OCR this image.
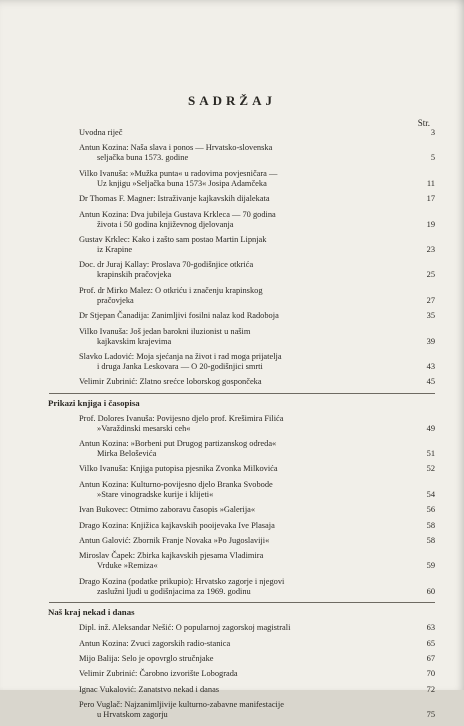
SADRŽAJ
Str.
Uvodna riječ	3
Antun Kozina: Naša slava i ponos — Hrvatsko-slovenska
seljačka buna 1573. godine	5
Vilko Ivanuša: »Mužka punta« u radovima povjesničara —
Uz knjigu »Seljačka buna 1573« Josipa Adamčeka	11
Dr Thomas F. Magner: Istraživanje kajkavskih dijalekata	17
Antun Kozina: Dva jubileja Gustava Krkleca — 70 godina
života i 50 godina književnog djelovanja	19
Gustav Krklec: Kako i zašto sam postao Martin Lipnjak
iz Krapine	23
Doc. dr Juraj Kallay: Proslava 70-godišnjice otkrića
krapinskih pračovjeka	25
Prof. dr Mirko Malez: O otkriću i značenju krapinskog
pračovjeka	27
Dr Stjepan Čanadija: Zanimljivi fosilni nalaz kod Radoboja	35
Vilko Ivanuša: Još jedan barokni iluzionist u našim
kajkavskim krajevima	39
Slavko Ladović: Moja sjećanja na život i rad moga prijatelja
i druga Janka Leskovara — O 20-godišnjici smrti	43
Velimir Zubrinić: Zlatno srećce loborskog gospončeka	45
Prikazi knjiga i časopisa
Prof. Dolores Ivanuša: Povijesno djelo prof. Krešimira Filića
»Varaždinski mesarski ceh«	49
Antun Kozina: »Borbeni put Drugog partizanskog odreda«
Mirka Beloševića	51
Vilko Ivanuša: Knjiga putopisa pjesnika Zvonka Milkovića	52
Antun Kozina: Kulturno-povijesno djelo Branka Svobode
»Stare vinogradske kurije i klijeti«	54
Ivan Bukovec: Otmimo zaboravu časopis »Galerija«	56
Drago Kozina: Knjižica kajkavskih pooijevaka Ive Plasaja	58
Antun Galović: Zbornik Franje Novaka »Po Jugoslaviji«	58
Miroslav Čapek: Zbirka kajkavskih pjesama Vladimira
Vrduke »Remiza«	59
Drago Kozina (podatke prikupio): Hrvatsko zagorje i njegovi
zaslužni ljudi u godišnjacima za 1969. godinu	60
Naš kraj nekad i danas
Dipl. inž. Aleksandar Nešić: O popularnoj zagorskoj magistrali	63
Antun Kozina: Zvuci zagorskih radio-stanica	65
Mijo Balija: Selo je opovrglo stručnjake	67
Velimir Zubrinić: Čarobno izvorište Lobograda	70
Ignac Vukalović: Zanatstvo nekad i danas	72
Pero Vuglač: Najzanimljivije kulturno-zabavne manifestacije
u Hrvatskom zagorju	75
